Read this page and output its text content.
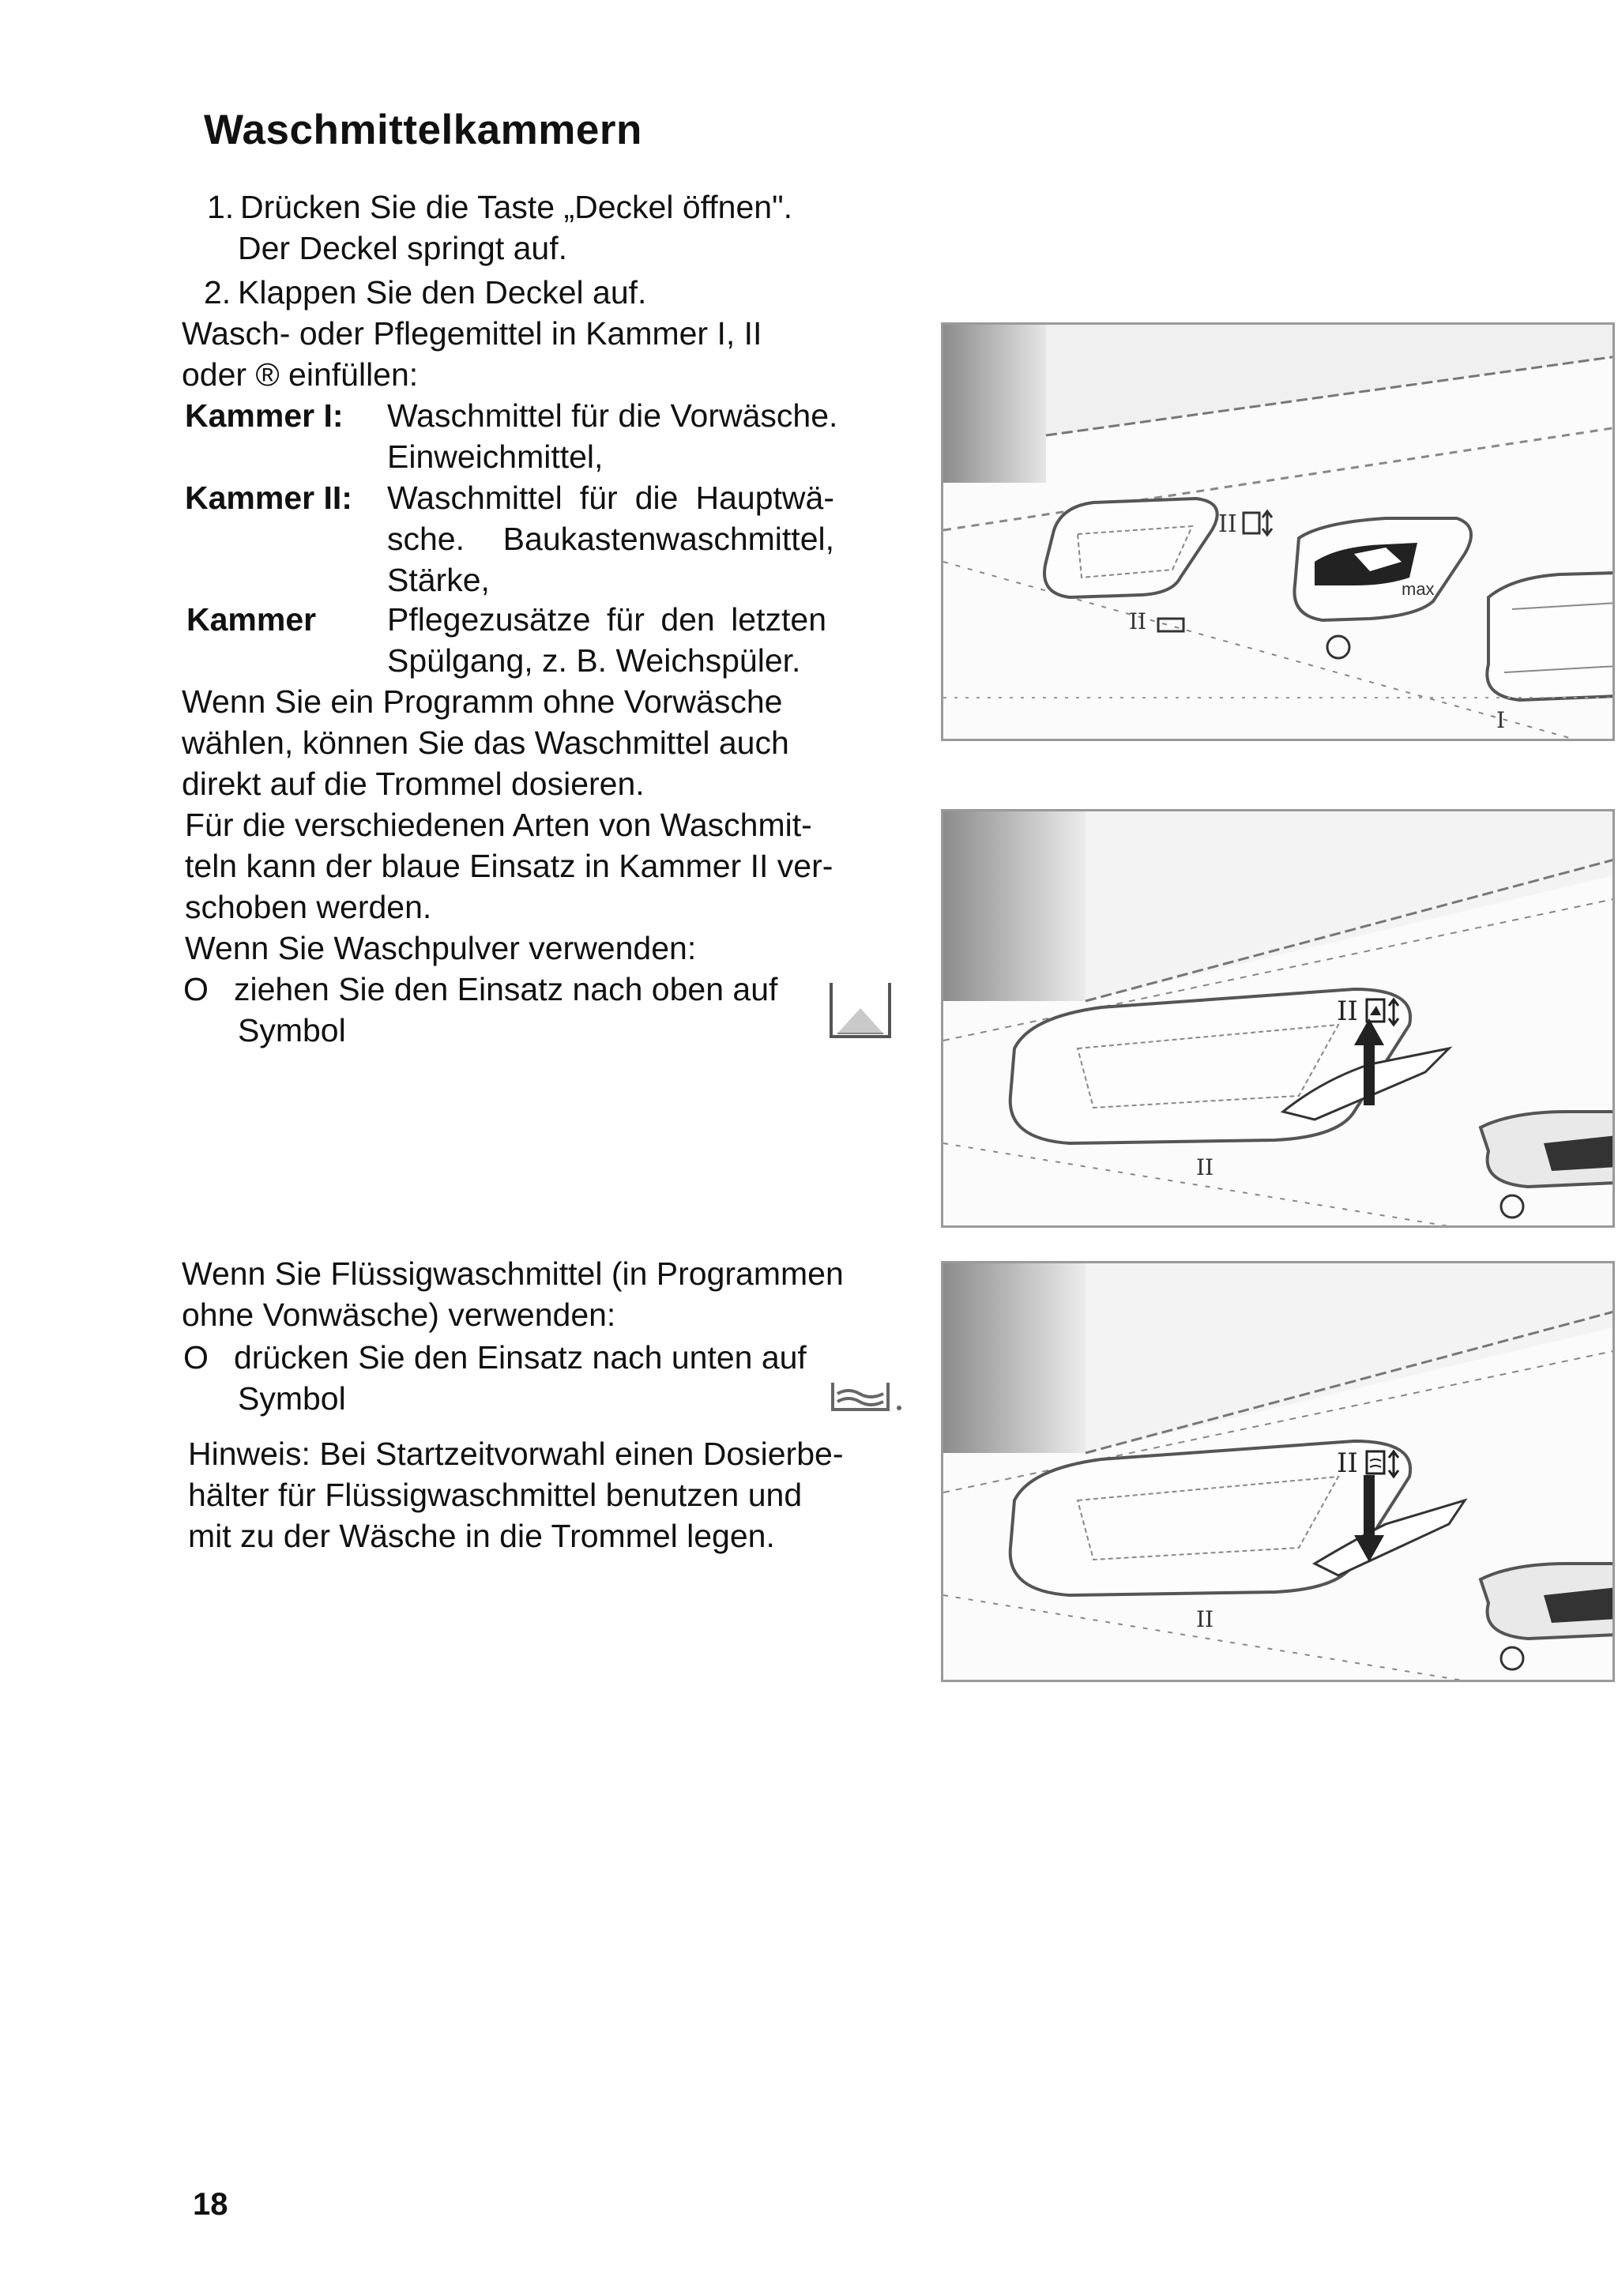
Waschmittelkammern
1. Drücken Sie die Taste „Deckel öffnen".
Der Deckel springt auf.
2. Klappen Sie den Deckel auf.
Wasch- oder Pflegemittel in Kammer I, II
oder ® einfüllen:
Kammer I: Waschmittel für die Vorwäsche.
Einweichmittel,
Kammer II: Waschmittel für die Hauptwä-
sche. Baukastenwaschmittel,
Stärke,
Kammer Pflegezusätze für den letzten
Spülgang, z. B. Weichspüler.
Wenn Sie ein Programm ohne Vorwäsche
wählen, können Sie das Waschmittel auch
direkt auf die Trommel dosieren.
Für die verschiedenen Arten von Waschmit-
teln kann der blaue Einsatz in Kammer II ver-
schoben werden.
Wenn Sie Waschpulver verwenden:
O ziehen Sie den Einsatz nach oben auf
Symbol
Wenn Sie Flüssigwaschmittel (in Programmen
ohne Vonwäsche) verwenden:
O drücken Sie den Einsatz nach unten auf
Symbol
Hinweis: Bei Startzeitvorwahl einen Dosierbe-
hälter für Flüssigwaschmittel benutzen und
mit zu der Wäsche in die Trommel legen.
18
II
II
max
I
II
II
II
II
